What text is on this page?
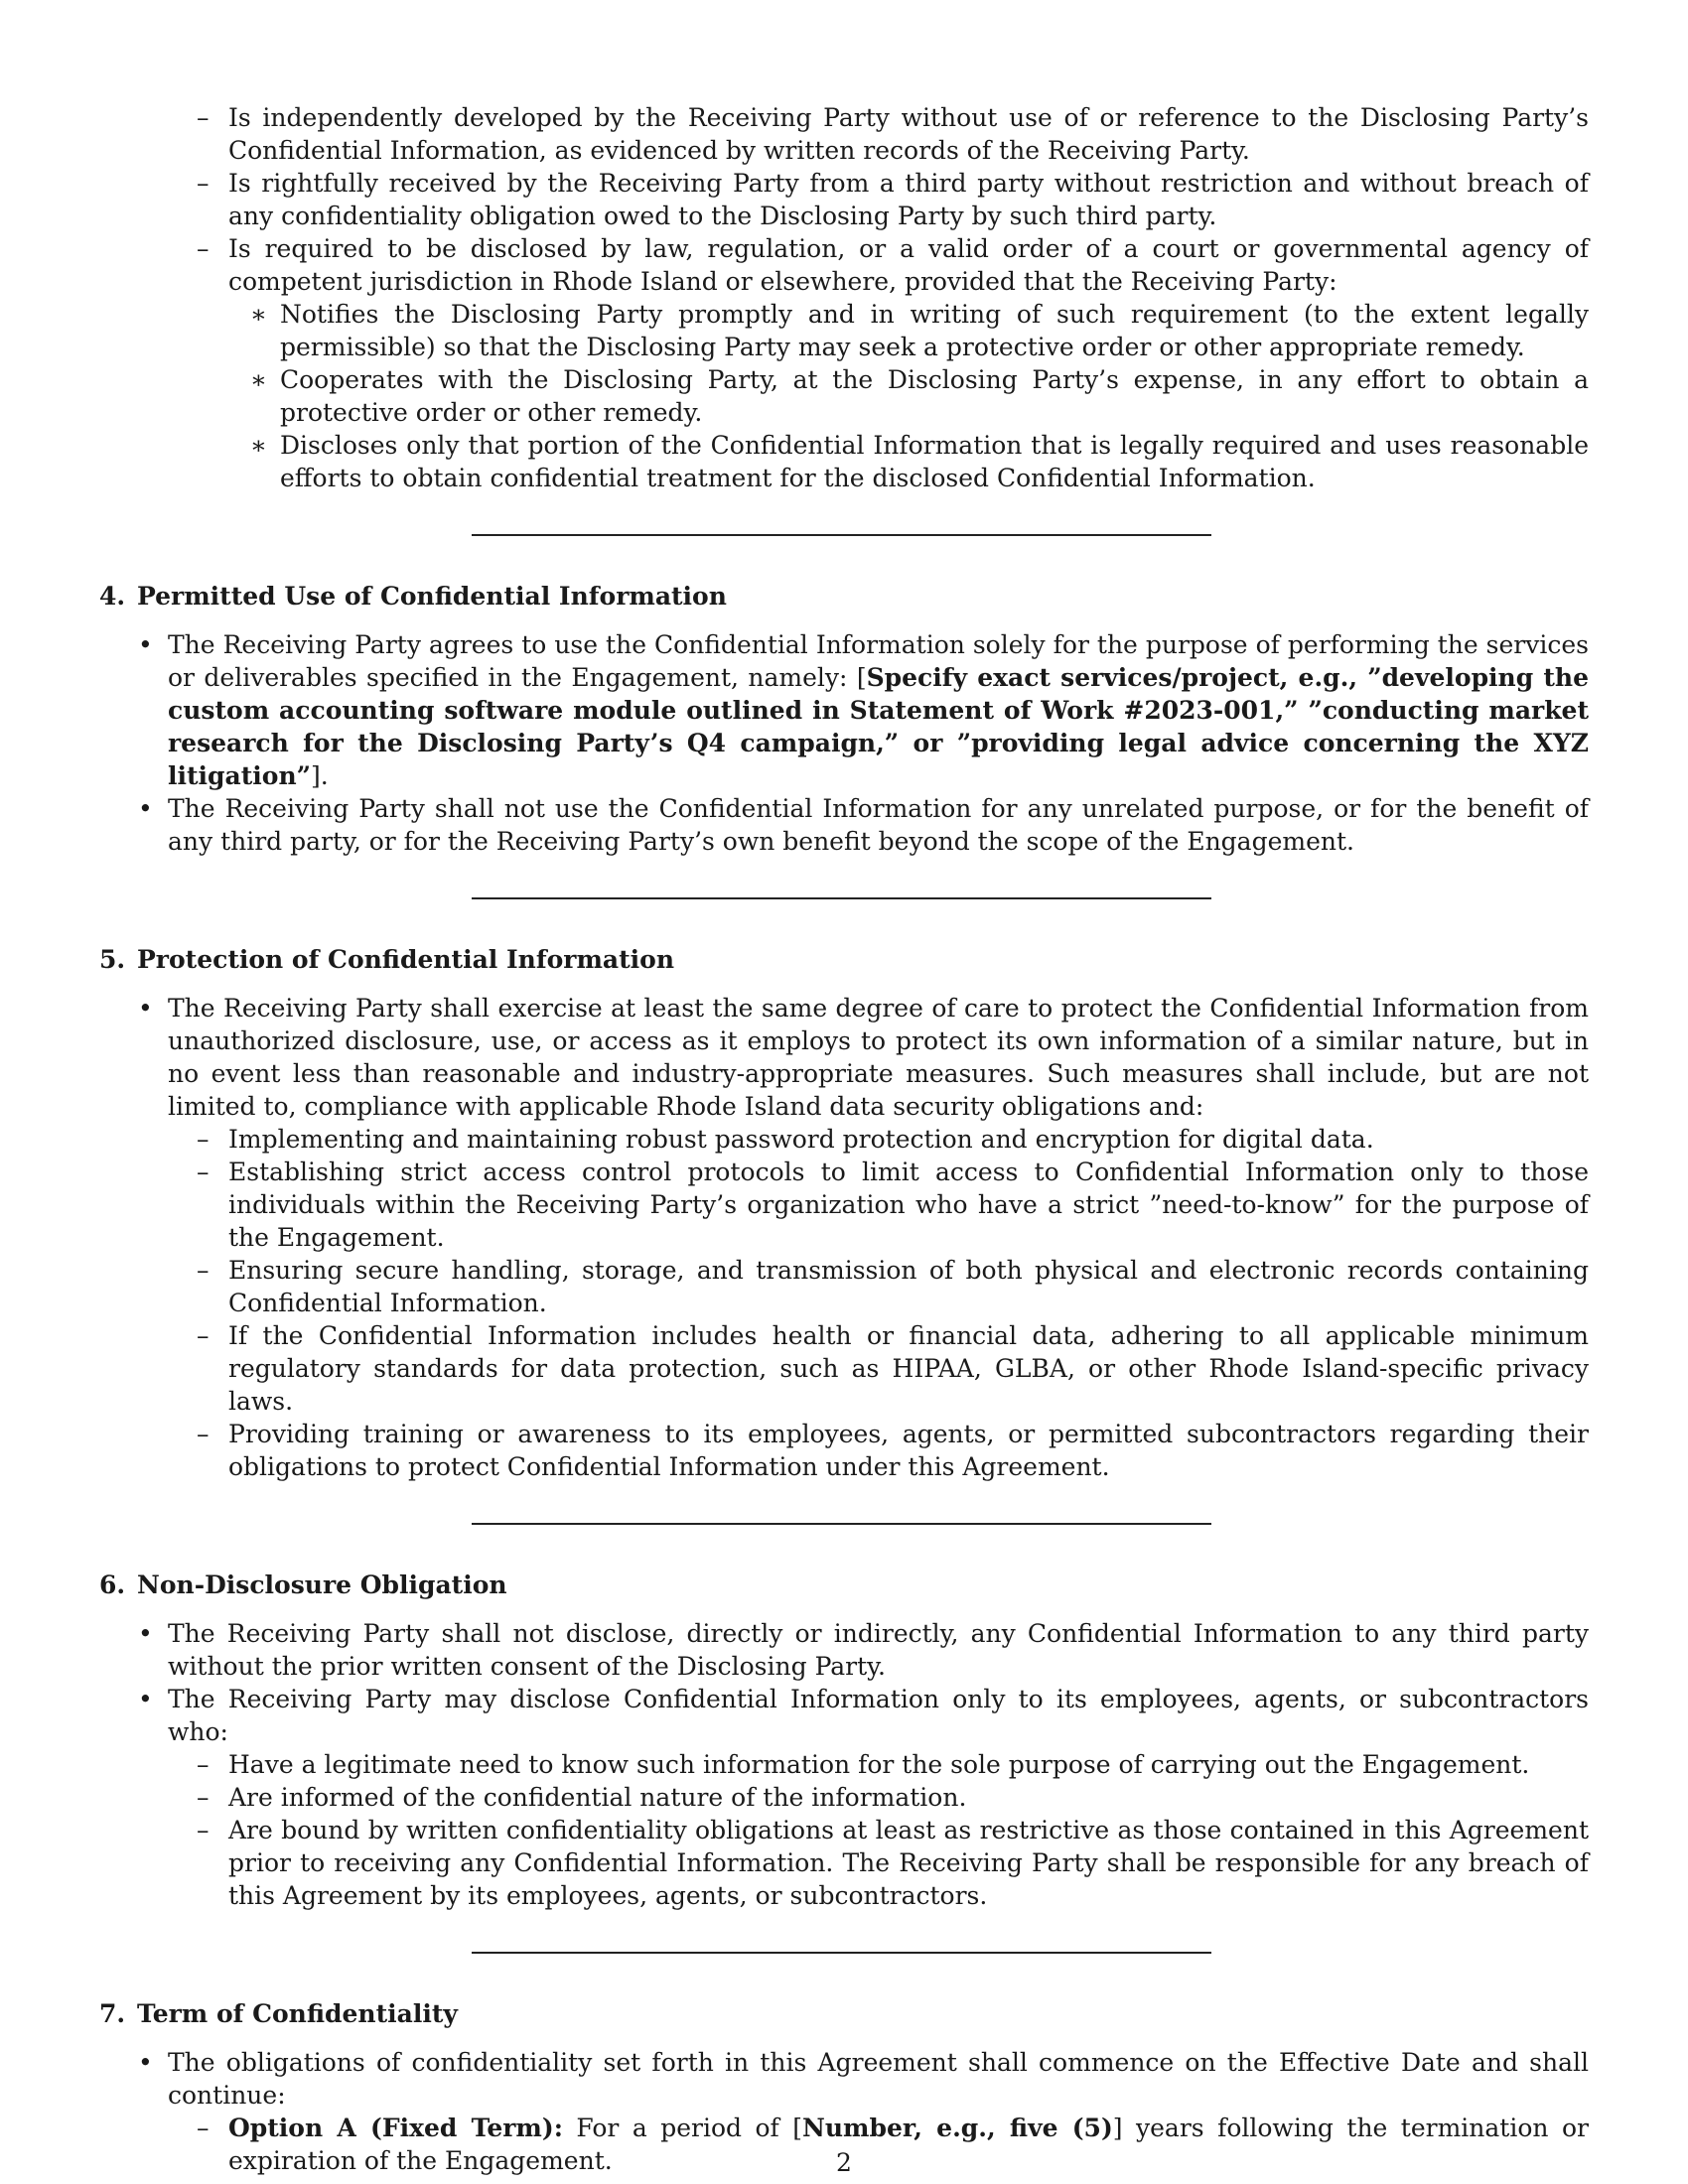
– Is independently developed by the Receiving Party without use of or reference to the Disclosing Party’s Confidential Information, as evidenced by written records of the Receiving Party.
– Is rightfully received by the Receiving Party from a third party without restriction and without breach of any confidentiality obligation owed to the Disclosing Party by such third party.
– Is required to be disclosed by law, regulation, or a valid order of a court or governmental agency of competent jurisdiction in Rhode Island or elsewhere, provided that the Receiving Party:
∗ Notifies the Disclosing Party promptly and in writing of such requirement (to the extent legally permissible) so that the Disclosing Party may seek a protective order or other appropriate remedy.
∗ Cooperates with the Disclosing Party, at the Disclosing Party’s expense, in any effort to obtain a protective order or other remedy.
∗ Discloses only that portion of the Confidential Information that is legally required and uses reasonable efforts to obtain confidential treatment for the disclosed Confidential Information.
4. Permitted Use of Confidential Information
• The Receiving Party agrees to use the Confidential Information solely for the purpose of performing the services or deliverables specified in the Engagement, namely: [Specify exact services/project, e.g., ”developing the custom accounting software module outlined in Statement of Work #2023-001,” ”conducting market research for the Disclosing Party’s Q4 campaign,” or ”providing legal advice concerning the XYZ litigation”].
• The Receiving Party shall not use the Confidential Information for any unrelated purpose, or for the benefit of any third party, or for the Receiving Party’s own benefit beyond the scope of the Engagement.
5. Protection of Confidential Information
• The Receiving Party shall exercise at least the same degree of care to protect the Confidential Information from unauthorized disclosure, use, or access as it employs to protect its own information of a similar nature, but in no event less than reasonable and industry-appropriate measures. Such measures shall include, but are not limited to, compliance with applicable Rhode Island data security obligations and:
– Implementing and maintaining robust password protection and encryption for digital data.
– Establishing strict access control protocols to limit access to Confidential Information only to those individuals within the Receiving Party’s organization who have a strict ”need-to-know” for the purpose of the Engagement.
– Ensuring secure handling, storage, and transmission of both physical and electronic records containing Confidential Information.
– If the Confidential Information includes health or financial data, adhering to all applicable minimum regulatory standards for data protection, such as HIPAA, GLBA, or other Rhode Island-specific privacy laws.
– Providing training or awareness to its employees, agents, or permitted subcontractors regarding their obligations to protect Confidential Information under this Agreement.
6. Non-Disclosure Obligation
• The Receiving Party shall not disclose, directly or indirectly, any Confidential Information to any third party without the prior written consent of the Disclosing Party.
• The Receiving Party may disclose Confidential Information only to its employees, agents, or subcontractors who:
– Have a legitimate need to know such information for the sole purpose of carrying out the Engagement.
– Are informed of the confidential nature of the information.
– Are bound by written confidentiality obligations at least as restrictive as those contained in this Agreement prior to receiving any Confidential Information. The Receiving Party shall be responsible for any breach of this Agreement by its employees, agents, or subcontractors.
7. Term of Confidentiality
• The obligations of confidentiality set forth in this Agreement shall commence on the Effective Date and shall continue:
– Option A (Fixed Term): For a period of [Number, e.g., five (5)] years following the termination or expiration of the Engagement.	2
